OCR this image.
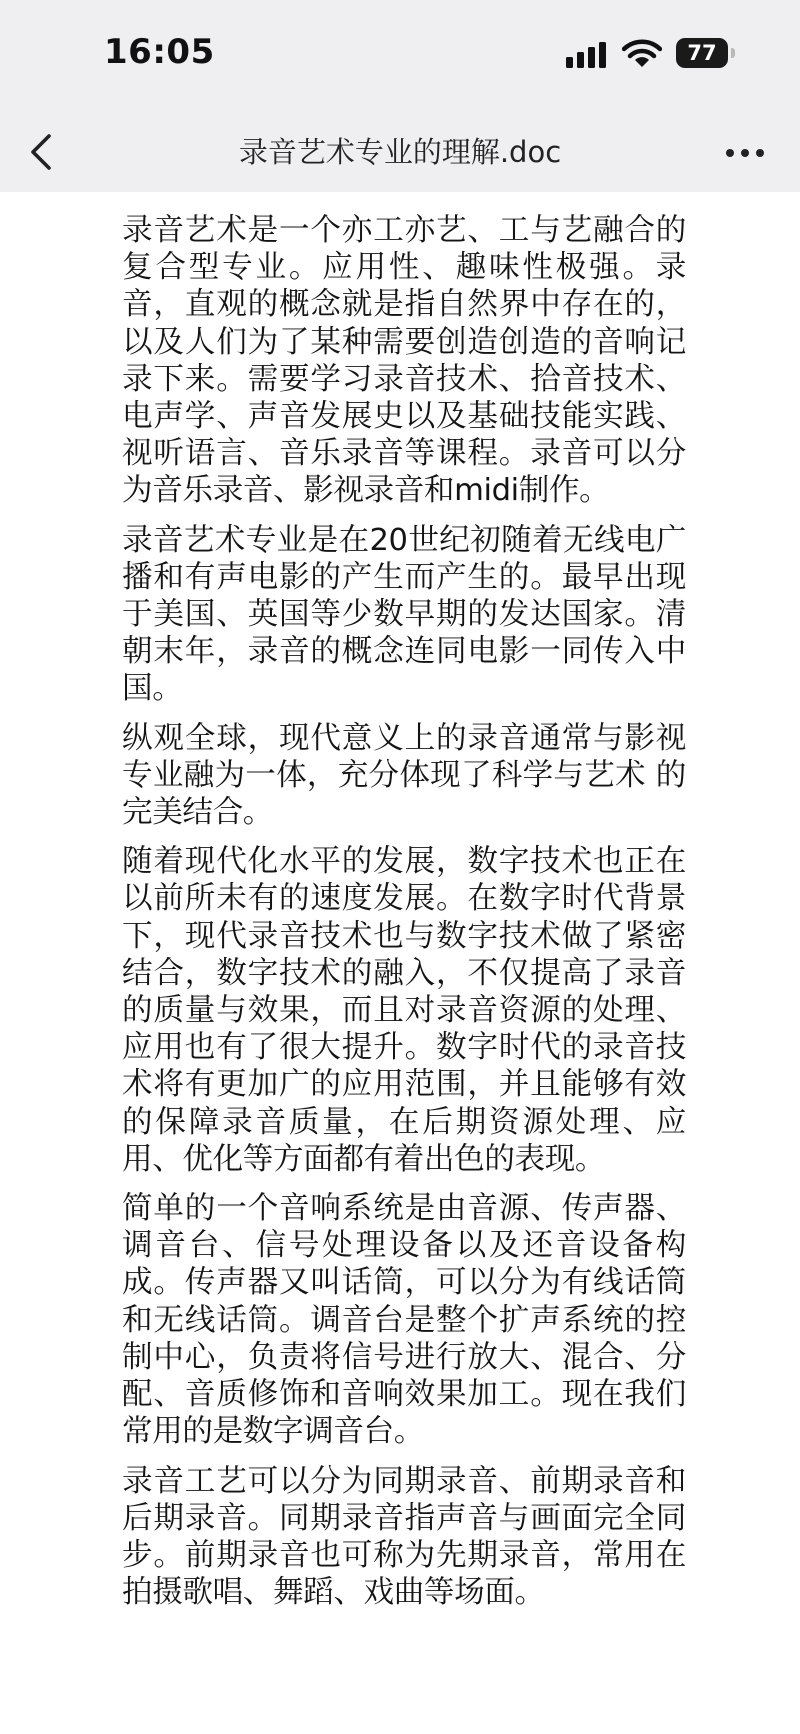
16:05	77
录音艺术专业的理解.doc

录音艺术是一个亦工亦艺、工与艺融合的复合型专业。应用性、趣味性极强。录音，直观的概念就是指自然界中存在的，以及人们为了某种需要创造创造的音响记录下来。需要学习录音技术、拾音技术、电声学、声音发展史以及基础技能实践、视听语言、音乐录音等课程。录音可以分为音乐录音、影视录音和midi制作。

录音艺术专业是在20世纪初随着无线电广播和有声电影的产生而产生的。最早出现于美国、英国等少数早期的发达国家。清朝末年，录音的概念连同电影一同传入中国。

纵观全球，现代意义上的录音通常与影视专业融为一体，充分体现了科学与艺术 的完美结合。

随着现代化水平的发展，数字技术也正在以前所未有的速度发展。在数字时代背景下，现代录音技术也与数字技术做了紧密结合，数字技术的融入，不仅提高了录音的质量与效果，而且对录音资源的处理、应用也有了很大提升。数字时代的录音技术将有更加广的应用范围，并且能够有效的保障录音质量，在后期资源处理、应用、优化等方面都有着出色的表现。

简单的一个音响系统是由音源、传声器、调音台、信号处理设备以及还音设备构成。传声器又叫话筒，可以分为有线话筒和无线话筒。调音台是整个扩声系统的控制中心，负责将信号进行放大、混合、分配、音质修饰和音响效果加工。现在我们常用的是数字调音台。

录音工艺可以分为同期录音、前期录音和后期录音。同期录音指声音与画面完全同步。前期录音也可称为先期录音，常用在拍摄歌唱、舞蹈、戏曲等场面。
